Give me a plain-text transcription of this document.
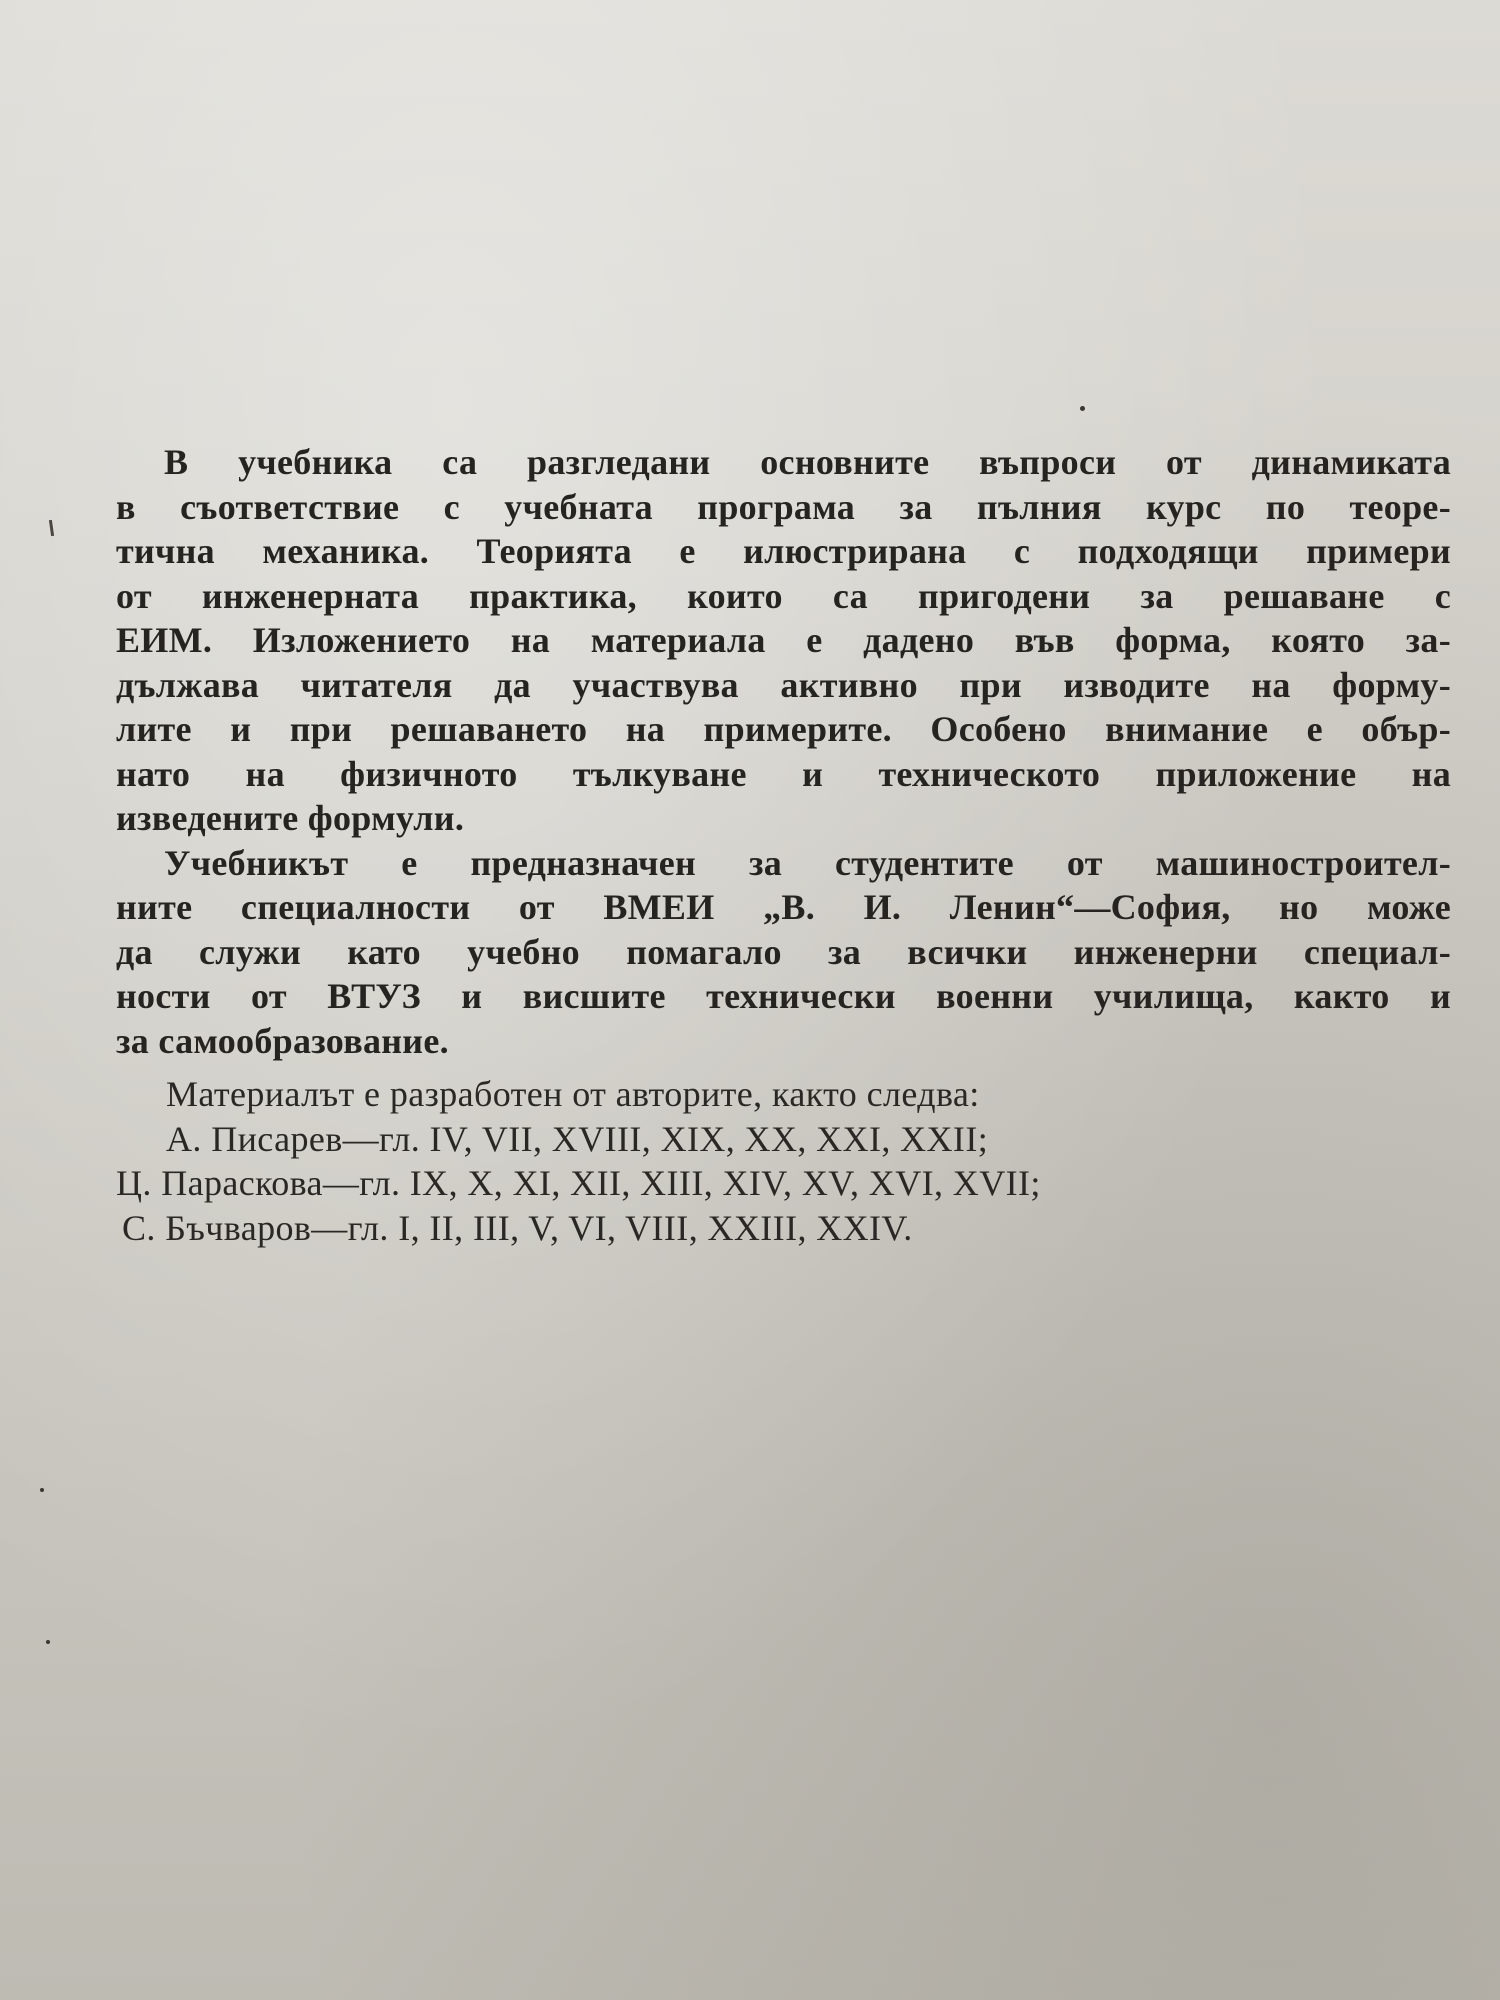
В учебника са разгледани основните въпроси от динамиката
в съответствие с учебната програма за пълния курс по теоре-
тична механика. Теорията е илюстрирана с подходящи примери
от инженерната практика, които са пригодени за решаване с
ЕИМ. Изложението на материала е дадено във форма, която за-
дължава читателя да участвува активно при изводите на форму-
лите и при решаването на примерите. Особено внимание е обър-
нато на физичното тълкуване и техническото приложение на
изведените формули.
Учебникът е предназначен за студентите от машиностроител-
ните специалности от ВМЕИ „В. И. Ленин“—София, но може
да служи като учебно помагало за всички инженерни специал-
ности от ВТУЗ и висшите технически военни училища, както и
за самообразование.
Материалът е разработен от авторите, както следва:
А. Писарев—гл. IV, VII, XVIII, XIX, XX, XXI, XXII;
Ц. Параскова—гл. IX, X, XI, XII, XIII, XIV, XV, XVI, XVII;
С. Бъчваров—гл. I, II, III, V, VI, VIII, XXIII, XXIV.
